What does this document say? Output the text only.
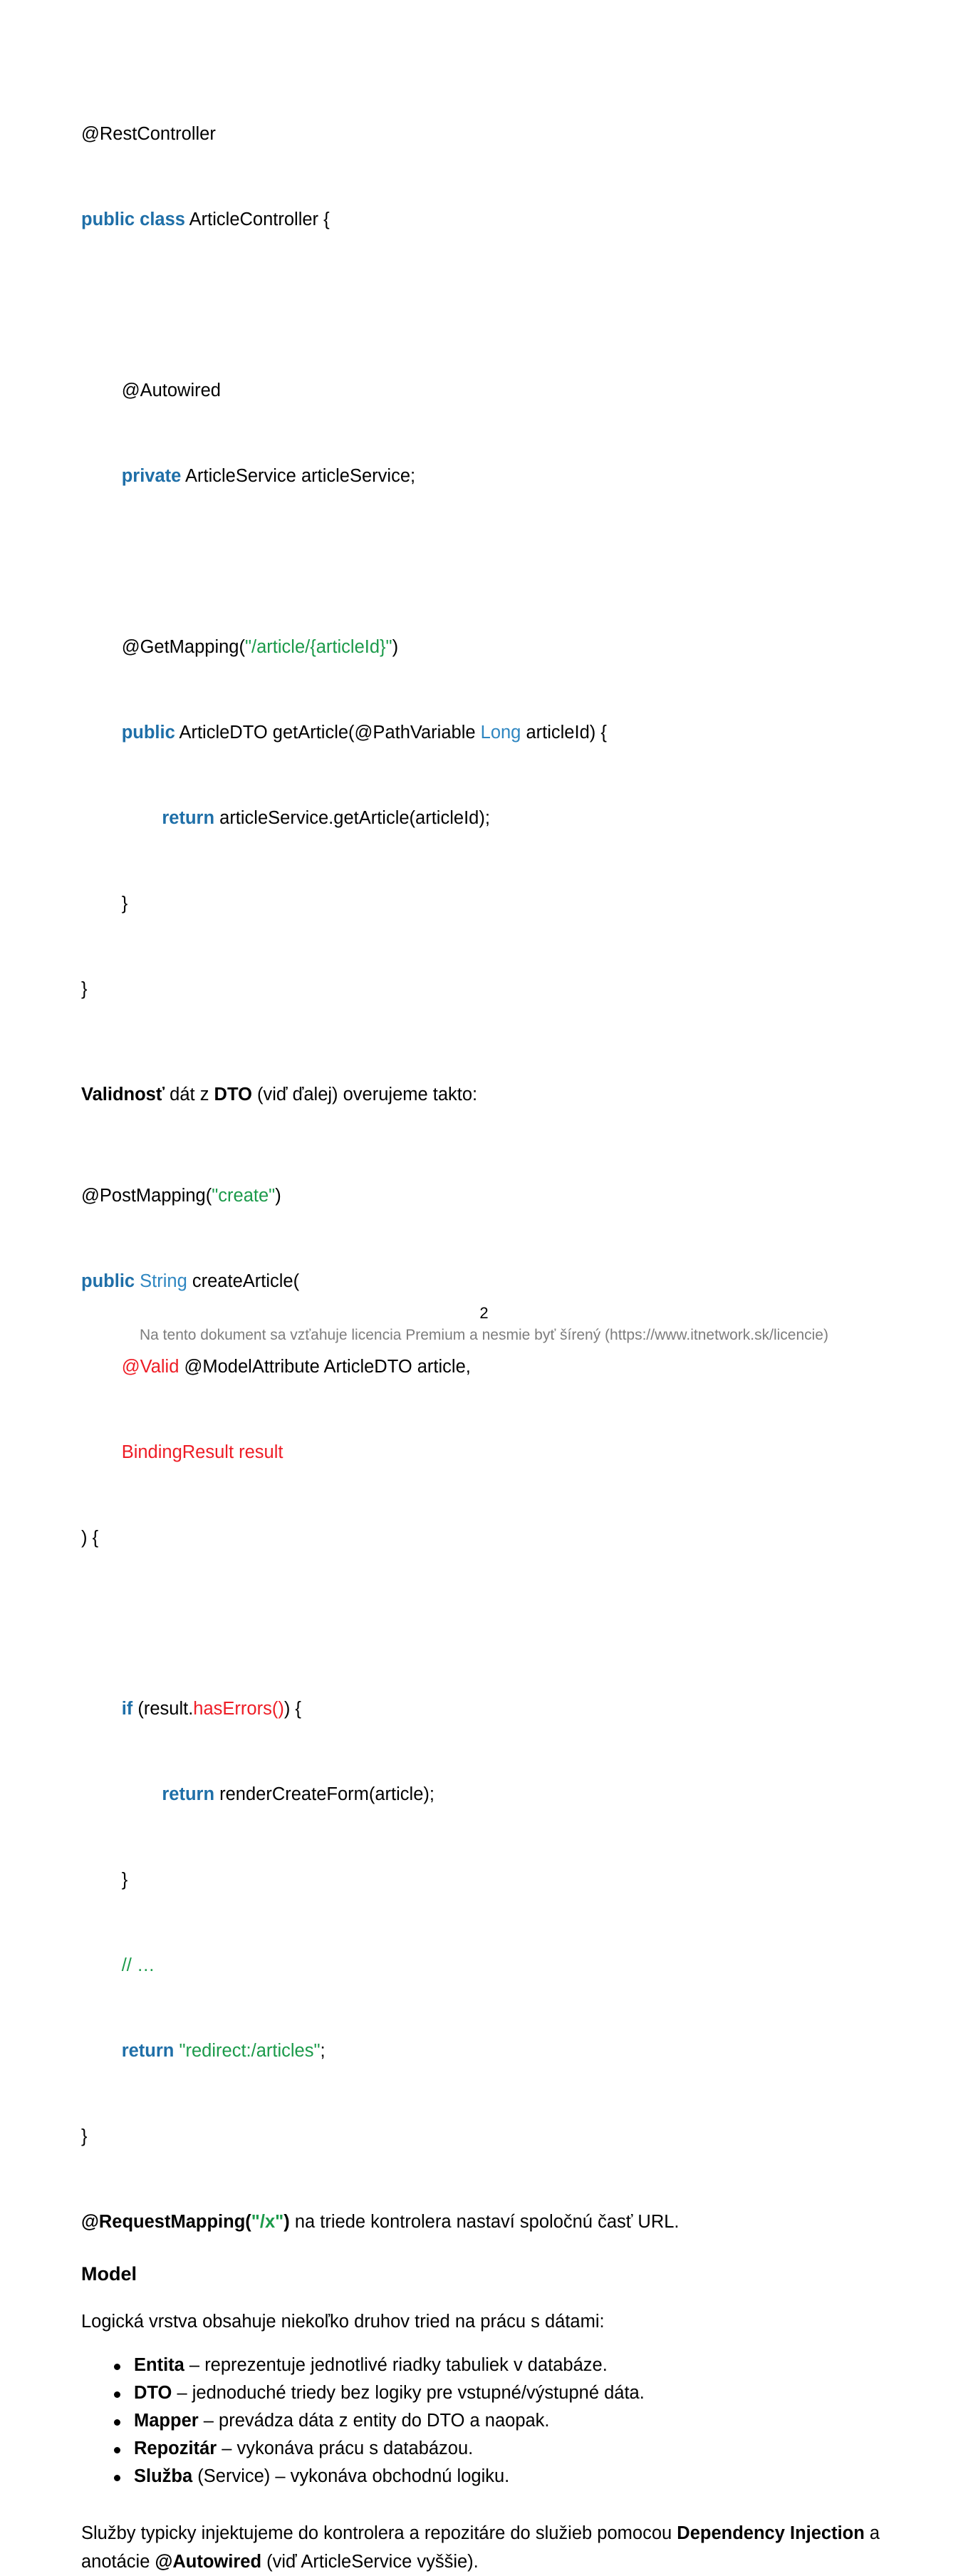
@RestController

public class ArticleController {

@Autowired

private ArticleService articleService;

@GetMapping("/article/{articleId}")

public ArticleDTO getArticle(@PathVariable Long articleId) {

return articleService.getArticle(articleId);

}

}

Validnosť dát z DTO (viď ďalej) overujeme takto:

@PostMapping("create")

public String createArticle(

@Valid @ModelAttribute ArticleDTO article,

BindingResult result

) {

if (result.hasErrors()) {

return renderCreateForm(article);

}

// …

return "redirect:/articles";

}

@RequestMapping("/x") na triede kontrolera nastaví spoločnú časť URL.

Model

Logická vrstva obsahuje niekoľko druhov tried na prácu s dátami:

Entita – reprezentuje jednotlivé riadky tabuliek v databáze.
DTO – jednoduché triedy bez logiky pre vstupné/výstupné dáta.
Mapper – prevádza dáta z entity do DTO a naopak.
Repozitár – vykonáva prácu s databázou.
Služba (Service) – vykonáva obchodnú logiku.

Služby typicky injektujeme do kontrolera a repozitáre do služieb pomocou Dependency Injection a anotácie @Autowired (viď ArticleService vyššie).

2
Na tento dokument sa vzťahuje licencia Premium a nesmie byť šírený (https://www.itnetwork.sk/licencie)
